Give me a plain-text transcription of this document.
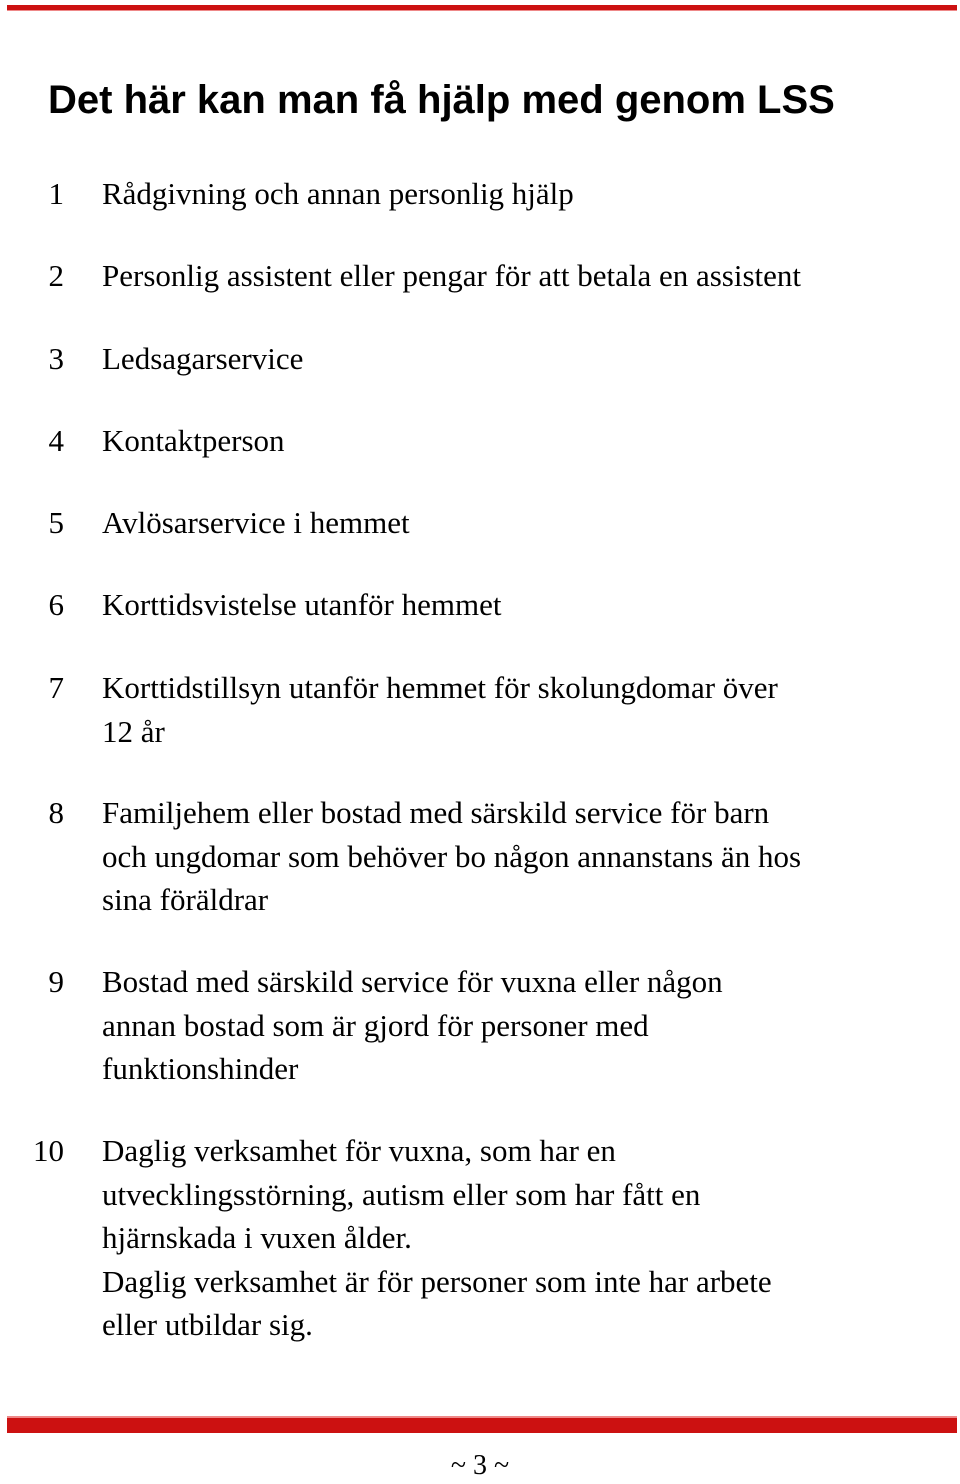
Det här kan man få hjälp med genom LSS
1 Rådgivning och annan personlig hjälp
2 Personlig assistent eller pengar för att betala en assistent
3 Ledsagarservice
4 Kontaktperson
5 Avlösarservice i hemmet
6 Korttidsvistelse utanför hemmet
7 Korttidstillsyn utanför hemmet för skolungdomar över
12 år
8 Familjehem eller bostad med särskild service för barn
och ungdomar som behöver bo någon annanstans än hos
sina föräldrar
9 Bostad med särskild service för vuxna eller någon
annan bostad som är gjord för personer med
funktionshinder
10 Daglig verksamhet för vuxna, som har en
utvecklingsstörning, autism eller som har fått en
hjärnskada i vuxen ålder.
Daglig verksamhet är för personer som inte har arbete
eller utbildar sig.
~ 3 ~
